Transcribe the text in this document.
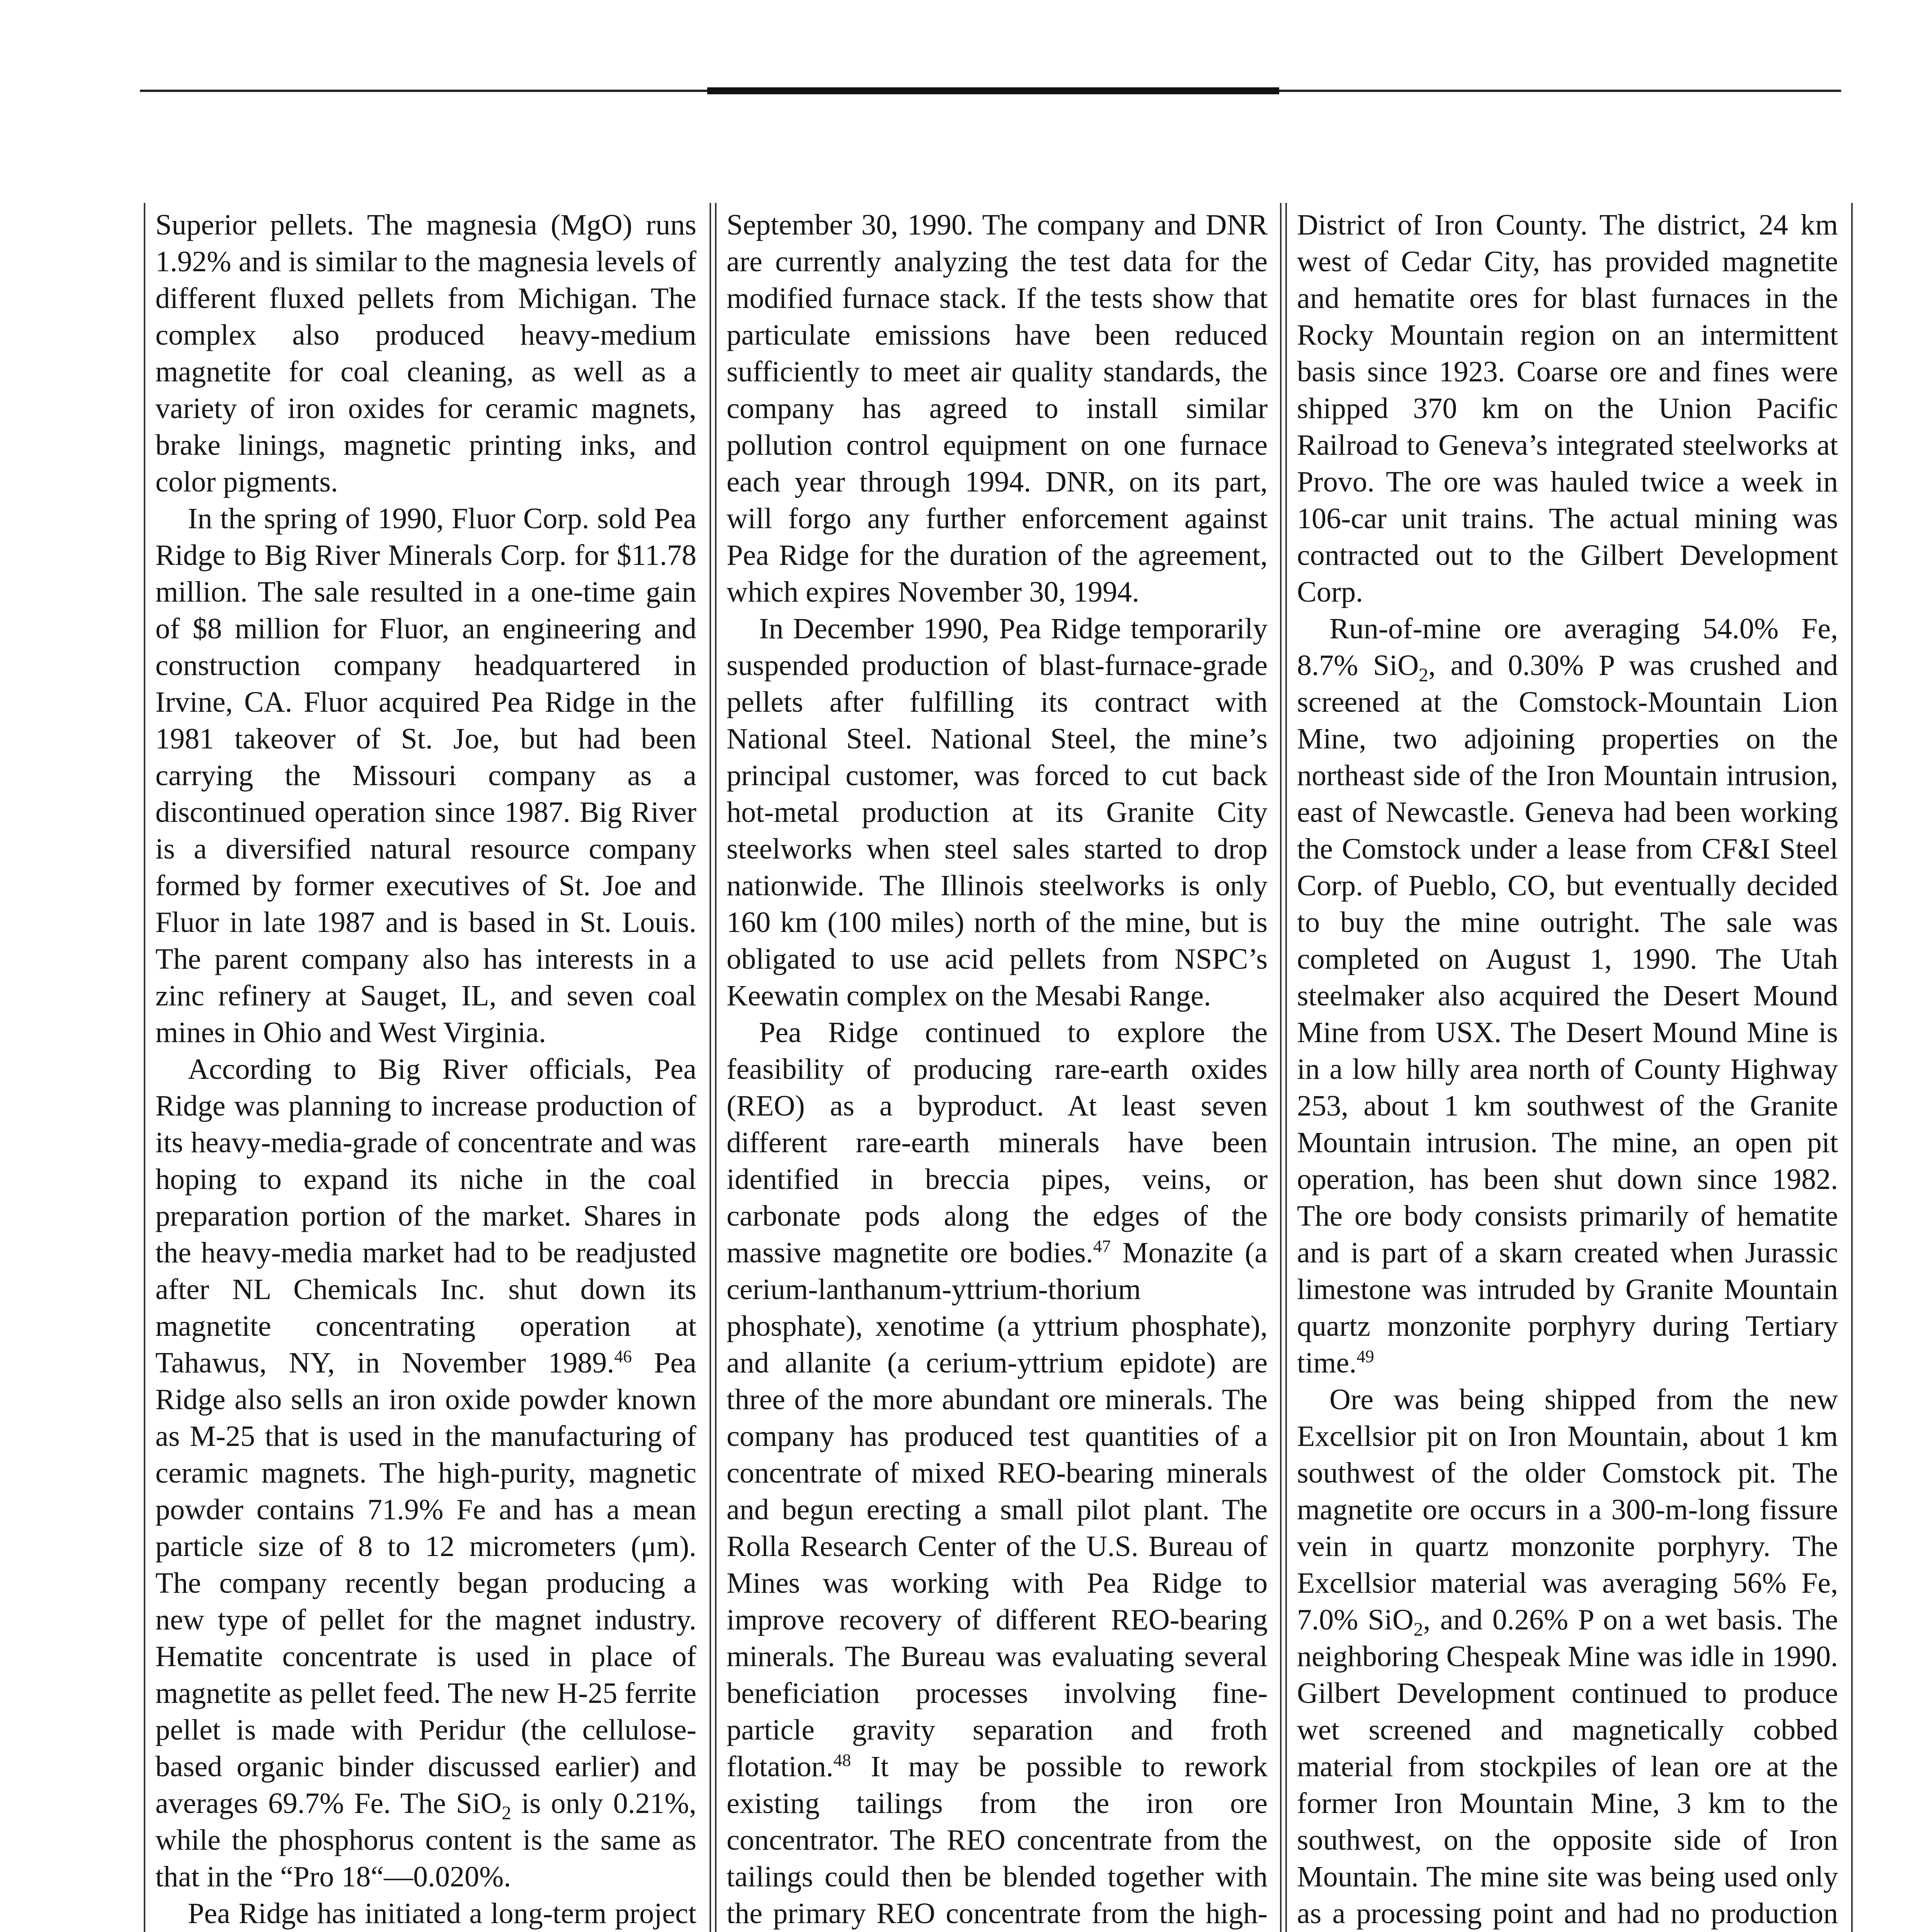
Superior pellets. The magnesia (MgO) runs 1.92% and is similar to the magnesia levels of different fluxed pellets from Michigan. The complex also produced heavy-medium magnetite for coal cleaning, as well as a variety of iron oxides for ceramic magnets, brake linings, magnetic printing inks, and color pigments.

In the spring of 1990, Fluor Corp. sold Pea Ridge to Big River Minerals Corp. for $11.78 million. The sale resulted in a one-time gain of $8 million for Fluor, an engineering and construction company headquartered in Irvine, CA. Fluor acquired Pea Ridge in the 1981 takeover of St. Joe, but had been carrying the Missouri company as a discontinued operation since 1987. Big River is a diversified natural resource company formed by former executives of St. Joe and Fluor in late 1987 and is based in St. Louis. The parent company also has interests in a zinc refinery at Sauget, IL, and seven coal mines in Ohio and West Virginia.

According to Big River officials, Pea Ridge was planning to increase production of its heavy-media-grade of concentrate and was hoping to expand its niche in the coal preparation portion of the market. Shares in the heavy-media market had to be readjusted after NL Chemicals Inc. shut down its magnetite concentrating operation at Tahawus, NY, in November 1989.46 Pea Ridge also sells an iron oxide powder known as M-25 that is used in the manufacturing of ceramic magnets. The high-purity, magnetic powder contains 71.9% Fe and has a mean particle size of 8 to 12 micrometers (μm). The company recently began producing a new type of pellet for the magnet industry. Hematite concentrate is used in place of magnetite as pellet feed. The new H-25 ferrite pellet is made with Peridur (the cellulose-based organic binder discussed earlier) and averages 69.7% Fe. The SiO$_2$ is only 0.21%, while the phosphorus content is the same as that in the “Pro 18“—0.020%.

Pea Ridge has initiated a long-term project

September 30, 1990. The company and DNR are currently analyzing the test data for the modified furnace stack. If the tests show that particulate emissions have been reduced sufficiently to meet air quality standards, the company has agreed to install similar pollution control equipment on one furnace each year through 1994. DNR, on its part, will forgo any further enforcement against Pea Ridge for the duration of the agreement, which expires November 30, 1994.

In December 1990, Pea Ridge temporarily suspended production of blast-furnace-grade pellets after fulfilling its contract with National Steel. National Steel, the mine’s principal customer, was forced to cut back hot-metal production at its Granite City steelworks when steel sales started to drop nationwide. The Illinois steelworks is only 160 km (100 miles) north of the mine, but is obligated to use acid pellets from NSPC’s Keewatin complex on the Mesabi Range.

Pea Ridge continued to explore the feasibility of producing rare-earth oxides (REO) as a byproduct. At least seven different rare-earth minerals have been identified in breccia pipes, veins, or carbonate pods along the edges of the massive magnetite ore bodies.$^{47}$ Monazite (a cerium-lanthanum-yttrium-thorium phosphate), xenotime (a yttrium phosphate), and allanite (a cerium-yttrium epidote) are three of the more abundant ore minerals. The company has produced test quantities of a concentrate of mixed REO-bearing minerals and begun erecting a small pilot plant. The Rolla Research Center of the U.S. Bureau of Mines was working with Pea Ridge to improve recovery of different REO-bearing minerals. The Bureau was evaluating several beneficiation processes involving fine-particle gravity separation and froth flotation.$^{48}$ It may be possible to rework existing tailings from the iron ore concentrator. The REO concentrate from the tailings could then be blended together with the primary REO concentrate from the high-

District of Iron County. The district, 24 km west of Cedar City, has provided magnetite and hematite ores for blast furnaces in the Rocky Mountain region on an intermittent basis since 1923. Coarse ore and fines were shipped 370 km on the Union Pacific Railroad to Geneva’s integrated steelworks at Provo. The ore was hauled twice a week in 106-car unit trains. The actual mining was contracted out to the Gilbert Development Corp.

Run-of-mine ore averaging 54.0% Fe, 8.7% SiO$_2$, and 0.30% P was crushed and screened at the Comstock-Mountain Lion Mine, two adjoining properties on the northeast side of the Iron Mountain intrusion, east of Newcastle. Geneva had been working the Comstock under a lease from CF&I Steel Corp. of Pueblo, CO, but eventually decided to buy the mine outright. The sale was completed on August 1, 1990. The Utah steelmaker also acquired the Desert Mound Mine from USX. The Desert Mound Mine is in a low hilly area north of County Highway 253, about 1 km southwest of the Granite Mountain intrusion. The mine, an open pit operation, has been shut down since 1982. The ore body consists primarily of hematite and is part of a skarn created when Jurassic limestone was intruded by Granite Mountain quartz monzonite porphyry during Tertiary time.$^{49}$

Ore was being shipped from the new Excellsior pit on Iron Mountain, about 1 km southwest of the older Comstock pit. The magnetite ore occurs in a 300-m-long fissure vein in quartz monzonite porphyry. The Excellsior material was averaging 56% Fe, 7.0% SiO$_2$, and 0.26% P on a wet basis. The neighboring Chespeak Mine was idle in 1990. Gilbert Development continued to produce wet screened and magnetically cobbed material from stockpiles of lean ore at the former Iron Mountain Mine, 3 km to the southwest, on the opposite side of Iron Mountain. The mine site was being used only as a processing point and had no production
